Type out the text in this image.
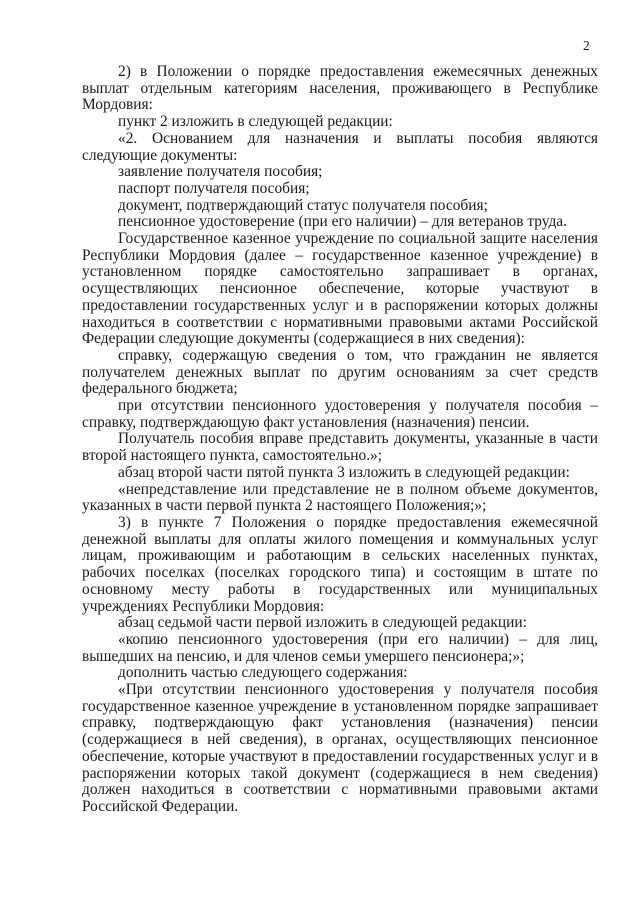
2

2) в Положении о порядке предоставления ежемесячных денежных выплат отдельным категориям населения, проживающего в Республике Мордовия:

пункт 2 изложить в следующей редакции:

«2. Основанием для назначения и выплаты пособия являются следующие документы:

заявление получателя пособия;

паспорт получателя пособия;

документ, подтверждающий статус получателя пособия;

пенсионное удостоверение (при его наличии) – для ветеранов труда.

Государственное казенное учреждение по социальной защите населения Республики Мордовия (далее – государственное казенное учреждение) в установленном порядке самостоятельно запрашивает в органах, осуществляющих пенсионное обеспечение, которые участвуют в предоставлении государственных услуг и в распоряжении которых должны находиться в соответствии с нормативными правовыми актами Российской Федерации следующие документы (содержащиеся в них сведения):

справку, содержащую сведения о том, что гражданин не является получателем денежных выплат по другим основаниям за счет средств федерального бюджета;

при отсутствии пенсионного удостоверения у получателя пособия – справку, подтверждающую факт установления (назначения) пенсии.

Получатель пособия вправе представить документы, указанные в части второй настоящего пункта, самостоятельно.»;

абзац второй части пятой пункта 3 изложить в следующей редакции:

«непредставление или представление не в полном объеме документов, указанных в части первой пункта 2 настоящего Положения;»;

3) в пункте 7 Положения о порядке предоставления ежемесячной денежной выплаты для оплаты жилого помещения и коммунальных услуг лицам, проживающим и работающим в сельских населенных пунктах, рабочих поселках (поселках городского типа) и состоящим в штате по основному месту работы в государственных или муниципальных учреждениях Республики Мордовия:

абзац седьмой части первой изложить в следующей редакции:

«копию пенсионного удостоверения (при его наличии) – для лиц, вышедших на пенсию, и для членов семьи умершего пенсионера;»;

дополнить частью следующего содержания:

«При отсутствии пенсионного удостоверения у получателя пособия государственное казенное учреждение в установленном порядке запрашивает справку, подтверждающую факт установления (назначения) пенсии (содержащиеся в ней сведения), в органах, осуществляющих пенсионное обеспечение, которые участвуют в предоставлении государственных услуг и в распоряжении которых такой документ (содержащиеся в нем сведения) должен находиться в соответствии с нормативными правовыми актами Российской Федерации.
